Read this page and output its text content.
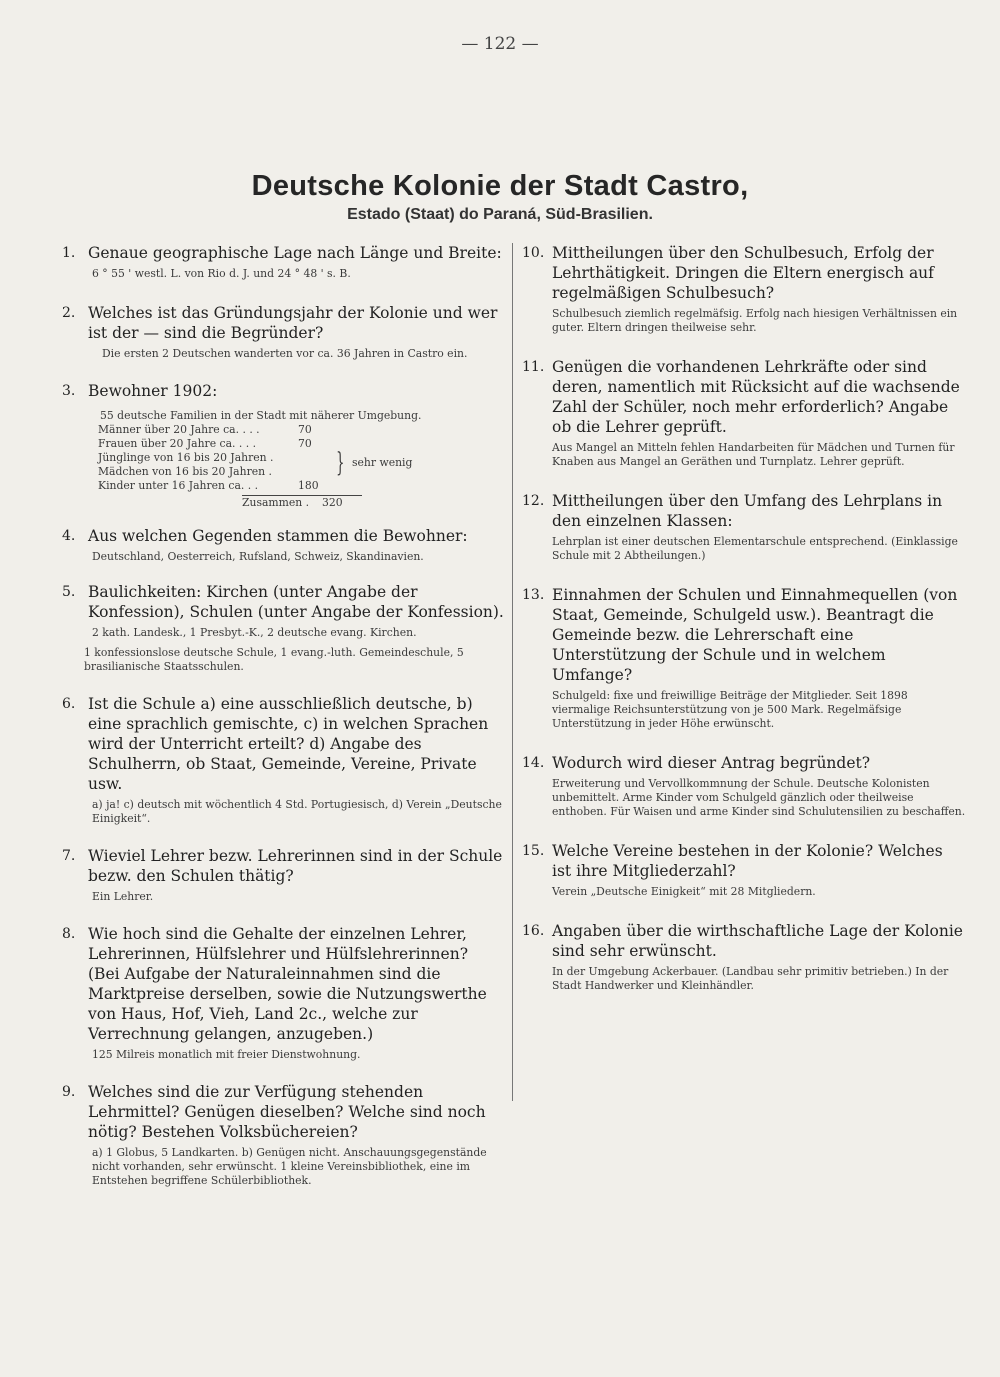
— 122 —
Deutsche Kolonie der Stadt Castro,
Estado (Staat) do Paraná, Süd-Brasilien.
1. Genaue geographische Lage nach Länge und Breite:

6 ° 55 ' westl. L. von Rio d. J. und 24 ° 48 ' s. B.

2. Welches ist das Gründungsjahr der Kolonie und wer ist der — sind die Begründer?

Die ersten 2 Deutschen wanderten vor ca. 36 Jahren in Castro ein.

3. Bewohner 1902:

55 deutsche Familien in der Stadt mit näherer Umgebung.

Männer über 20 Jahre ca. . . .	70
Frauen über 20 Jahre ca. . . .	70
Jünglinge von 16 bis 20 Jahren .
Mädchen von 16 bis 20 Jahren .	} sehr wenig
Kinder unter 16 Jahren ca. . .	180
Zusammen .	320
4. Aus welchen Gegenden stammen die Bewohner:

Deutschland, Oesterreich, Rufsland, Schweiz, Skandinavien.

5. Baulichkeiten: Kirchen (unter Angabe der Konfession), Schulen (unter Angabe der Konfession).

2 kath. Landesk., 1 Presbyt.-K., 2 deutsche evang. Kirchen.

1 konfessionslose deutsche Schule, 1 evang.-luth. Gemeindeschule, 5 brasilianische Staatsschulen.

6. Ist die Schule a) eine ausschließlich deutsche, b) eine sprachlich gemischte, c) in welchen Sprachen wird der Unterricht erteilt? d) Angabe des Schulherrn, ob Staat, Gemeinde, Vereine, Private usw.

a) ja! c) deutsch mit wöchentlich 4 Std. Portugiesisch, d) Verein „Deutsche Einigkeit“.

7. Wieviel Lehrer bezw. Lehrerinnen sind in der Schule bezw. den Schulen thätig?

Ein Lehrer.

8. Wie hoch sind die Gehalte der einzelnen Lehrer, Lehrerinnen, Hülfslehrer und Hülfslehrerinnen? (Bei Aufgabe der Naturaleinnahmen sind die Marktpreise derselben, sowie die Nutzungswerthe von Haus, Hof, Vieh, Land 2c., welche zur Verrechnung gelangen, anzugeben.)

125 Milreis monatlich mit freier Dienstwohnung.

9. Welches sind die zur Verfügung stehenden Lehrmittel? Genügen dieselben? Welche sind noch nötig? Bestehen Volksbüchereien?

a) 1 Globus, 5 Landkarten. b) Genügen nicht. Anschauungsgegenstände nicht vorhanden, sehr erwünscht. 1 kleine Vereinsbibliothek, eine im Entstehen begriffene Schülerbibliothek.

10. Mittheilungen über den Schulbesuch, Erfolg der Lehrthätigkeit. Dringen die Eltern energisch auf regelmäßigen Schulbesuch?

Schulbesuch ziemlich regelmäfsig. Erfolg nach hiesigen Verhältnissen ein guter. Eltern dringen theilweise sehr.

11. Genügen die vorhandenen Lehrkräfte oder sind deren, namentlich mit Rücksicht auf die wachsende Zahl der Schüler, noch mehr erforderlich? Angabe ob die Lehrer geprüft.

Aus Mangel an Mitteln fehlen Handarbeiten für Mädchen und Turnen für Knaben aus Mangel an Geräthen und Turnplatz. Lehrer geprüft.

12. Mittheilungen über den Umfang des Lehrplans in den einzelnen Klassen:

Lehrplan ist einer deutschen Elementarschule entsprechend. (Einklassige Schule mit 2 Abtheilungen.)

13. Einnahmen der Schulen und Einnahmequellen (von Staat, Gemeinde, Schulgeld usw.). Beantragt die Gemeinde bezw. die Lehrerschaft eine Unterstützung der Schule und in welchem Umfange?

Schulgeld: fixe und freiwillige Beiträge der Mitglieder. Seit 1898 viermalige Reichsunterstützung von je 500 Mark. Regelmäfsige Unterstützung in jeder Höhe erwünscht.

14. Wodurch wird dieser Antrag begründet?

Erweiterung und Vervollkommnung der Schule. Deutsche Kolonisten unbemittelt. Arme Kinder vom Schulgeld gänzlich oder theilweise enthoben. Für Waisen und arme Kinder sind Schulutensilien zu beschaffen.

15. Welche Vereine bestehen in der Kolonie? Welches ist ihre Mitgliederzahl?

Verein „Deutsche Einigkeit“ mit 28 Mitgliedern.

16. Angaben über die wirthschaftliche Lage der Kolonie sind sehr erwünscht.

In der Umgebung Ackerbauer. (Landbau sehr primitiv betrieben.) In der Stadt Handwerker und Kleinhändler.
